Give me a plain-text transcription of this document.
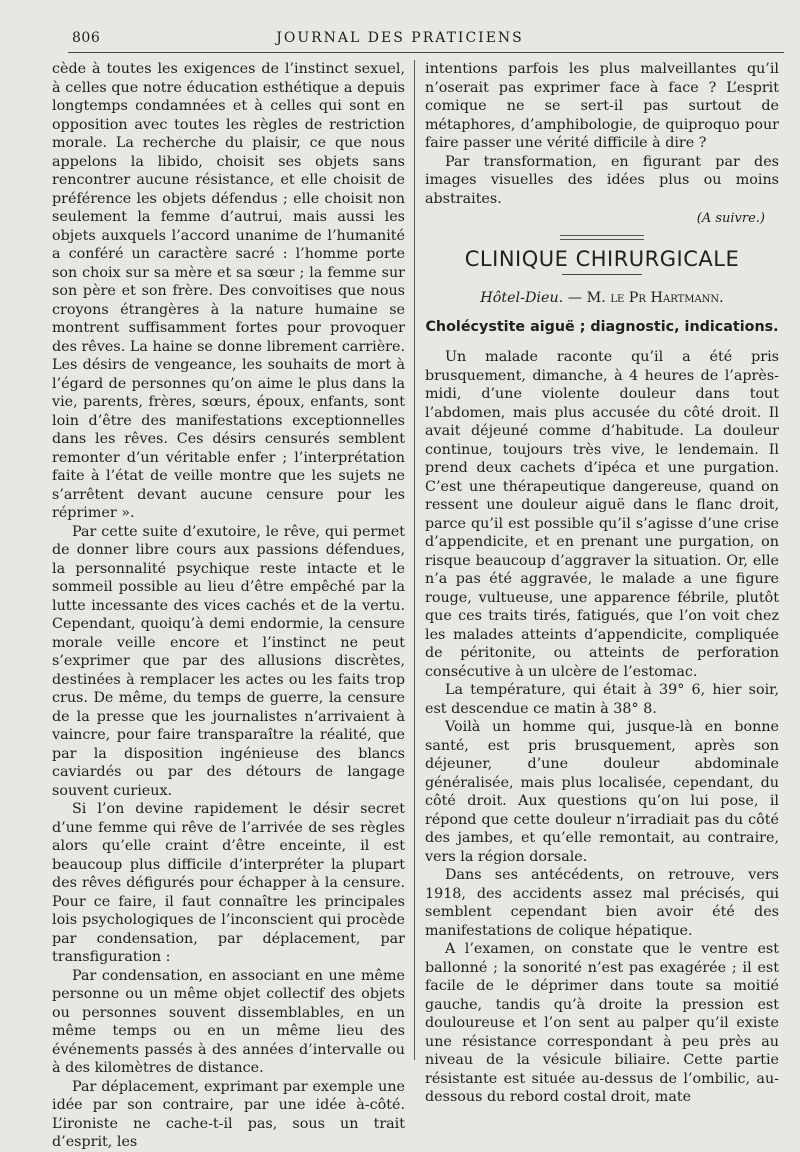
806	JOURNAL DES PRATICIENS

cède à toutes les exigences de l’instinct sexuel, à celles que notre éducation esthétique a depuis longtemps condamnées et à celles qui sont en opposition avec toutes les règles de restriction morale. La recherche du plaisir, ce que nous appelons la libido, choisit ses objets sans rencontrer aucune résistance, et elle choisit de préférence les objets défendus ; elle choisit non seulement la femme d’autrui, mais aussi les objets auxquels l’accord unanime de l’humanité a conféré un caractère sacré : l’homme porte son choix sur sa mère et sa sœur ; la femme sur son père et son frère. Des convoitises que nous croyons étrangères à la nature humaine se montrent suffisamment fortes pour provoquer des rêves. La haine se donne librement carrière. Les désirs de vengeance, les souhaits de mort à l’égard de personnes qu’on aime le plus dans la vie, parents, frères, sœurs, époux, enfants, sont loin d’être des manifestations exceptionnelles dans les rêves. Ces désirs censurés semblent remonter d’un véritable enfer ; l’interprétation faite à l’état de veille montre que les sujets ne s’arrêtent devant aucune censure pour les réprimer ».

Par cette suite d’exutoire, le rêve, qui permet de donner libre cours aux passions défendues, la personnalité psychique reste intacte et le sommeil possible au lieu d’être empêché par la lutte incessante des vices cachés et de la vertu. Cependant, quoiqu’à demi endormie, la censure morale veille encore et l’instinct ne peut s’exprimer que par des allusions discrètes, destinées à remplacer les actes ou les faits trop crus. De même, du temps de guerre, la censure de la presse que les journalistes n’arrivaient à vaincre, pour faire transparaître la réalité, que par la disposition ingénieuse des blancs caviardés ou par des détours de langage souvent curieux.

Si l’on devine rapidement le désir secret d’une femme qui rêve de l’arrivée de ses règles alors qu’elle craint d’être enceinte, il est beaucoup plus difficile d’interpréter la plupart des rêves défigurés pour échapper à la censure. Pour ce faire, il faut connaître les principales lois psychologiques de l’inconscient qui procède par condensation, par déplacement, par transfiguration :

Par condensation, en associant en une même personne ou un même objet collectif des objets ou personnes souvent dissemblables, en un même temps ou en un même lieu des événements passés à des années d’intervalle ou à des kilomètres de distance.

Par déplacement, exprimant par exemple une idée par son contraire, par une idée à-côté. L’ironiste ne cache-t-il pas, sous un trait d’esprit, les

intentions parfois les plus malveillantes qu’il n’oserait pas exprimer face à face ? L’esprit comique ne se sert-il pas surtout de métaphores, d’amphibologie, de quiproquo pour faire passer une vérité difficile à dire ?

Par transformation, en figurant par des images visuelles des idées plus ou moins abstraites.

(A suivre.)
CLINIQUE CHIRURGICALE
Hôtel-Dieu. — M. le Pr Hartmann.
Cholécystite aiguë ; diagnostic, indications.

Un malade raconte qu’il a été pris brusquement, dimanche, à 4 heures de l’après-midi, d’une violente douleur dans tout l’abdomen, mais plus accusée du côté droit. Il avait déjeuné comme d’habitude. La douleur continue, toujours très vive, le lendemain. Il prend deux cachets d’ipéca et une purgation. C’est une thérapeutique dangereuse, quand on ressent une douleur aiguë dans le flanc droit, parce qu’il est possible qu’il s’agisse d’une crise d’appendicite, et en prenant une purgation, on risque beaucoup d’aggraver la situation. Or, elle n’a pas été aggravée, le malade a une figure rouge, vultueuse, une apparence fébrile, plutôt que ces traits tirés, fatigués, que l’on voit chez les malades atteints d’appendicite, compliquée de péritonite, ou atteints de perforation consécutive à un ulcère de l’estomac.

La température, qui était à 39° 6, hier soir, est descendue ce matin à 38° 8.

Voilà un homme qui, jusque-là en bonne santé, est pris brusquement, après son déjeuner, d’une douleur abdominale généralisée, mais plus localisée, cependant, du côté droit. Aux questions qu’on lui pose, il répond que cette douleur n’irradiait pas du côté des jambes, et qu’elle remontait, au contraire, vers la région dorsale.

Dans ses antécédents, on retrouve, vers 1918, des accidents assez mal précisés, qui semblent cependant bien avoir été des manifestations de colique hépatique.

A l’examen, on constate que le ventre est ballonné ; la sonorité n’est pas exagérée ; il est facile de le déprimer dans toute sa moitié gauche, tandis qu’à droite la pression est douloureuse et l’on sent au palper qu’il existe une résistance correspondant à peu près au niveau de la vésicule biliaire. Cette partie résistante est située au-dessus de l’ombilic, au-dessous du rebord costal droit, mate
